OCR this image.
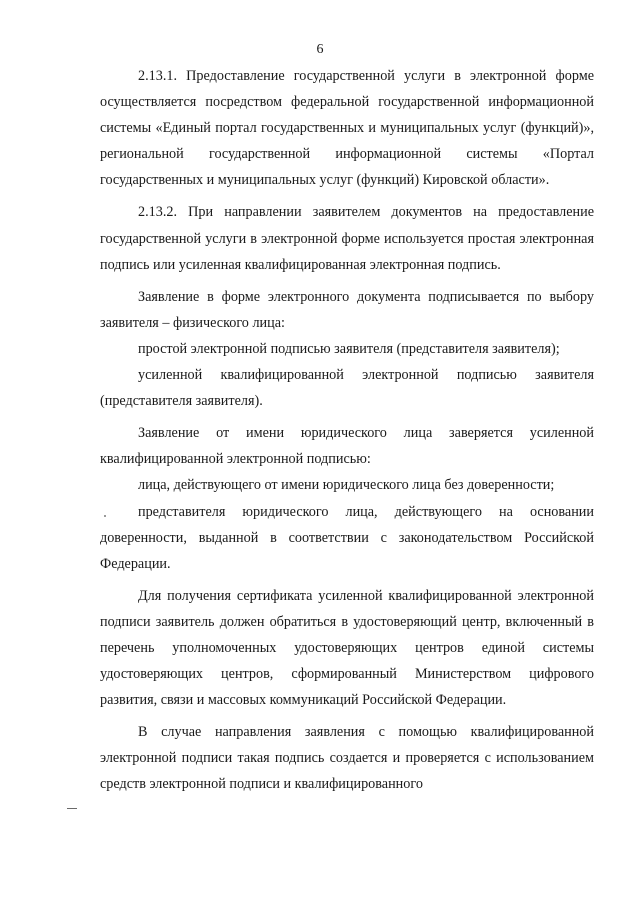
6

2.13.1. Предоставление государственной услуги в электронной форме осуществляется посредством федеральной государственной информационной системы «Единый портал государственных и муниципальных услуг (функций)», региональной государственной информационной системы «Портал государственных и муниципальных услуг (функций) Кировской области».

2.13.2. При направлении заявителем документов на предоставление государственной услуги в электронной форме используется простая электронная подпись или усиленная квалифицированная электронная подпись.

Заявление в форме электронного документа подписывается по выбору заявителя – физического лица:

простой электронной подписью заявителя (представителя заявителя);

усиленной квалифицированной электронной подписью заявителя (представителя заявителя).

Заявление от имени юридического лица заверяется усиленной квалифицированной электронной подписью:

лица, действующего от имени юридического лица без доверенности;

представителя юридического лица, действующего на основании доверенности, выданной в соответствии с законодательством Российской Федерации.

Для получения сертификата усиленной квалифицированной электронной подписи заявитель должен обратиться в удостоверяющий центр, включенный в перечень уполномоченных удостоверяющих центров единой системы удостоверяющих центров, сформированный Министерством цифрового развития, связи и массовых коммуникаций Российской Федерации.

В случае направления заявления с помощью квалифицированной электронной подписи такая подпись создается и проверяется с использованием средств электронной подписи и квалифицированного
